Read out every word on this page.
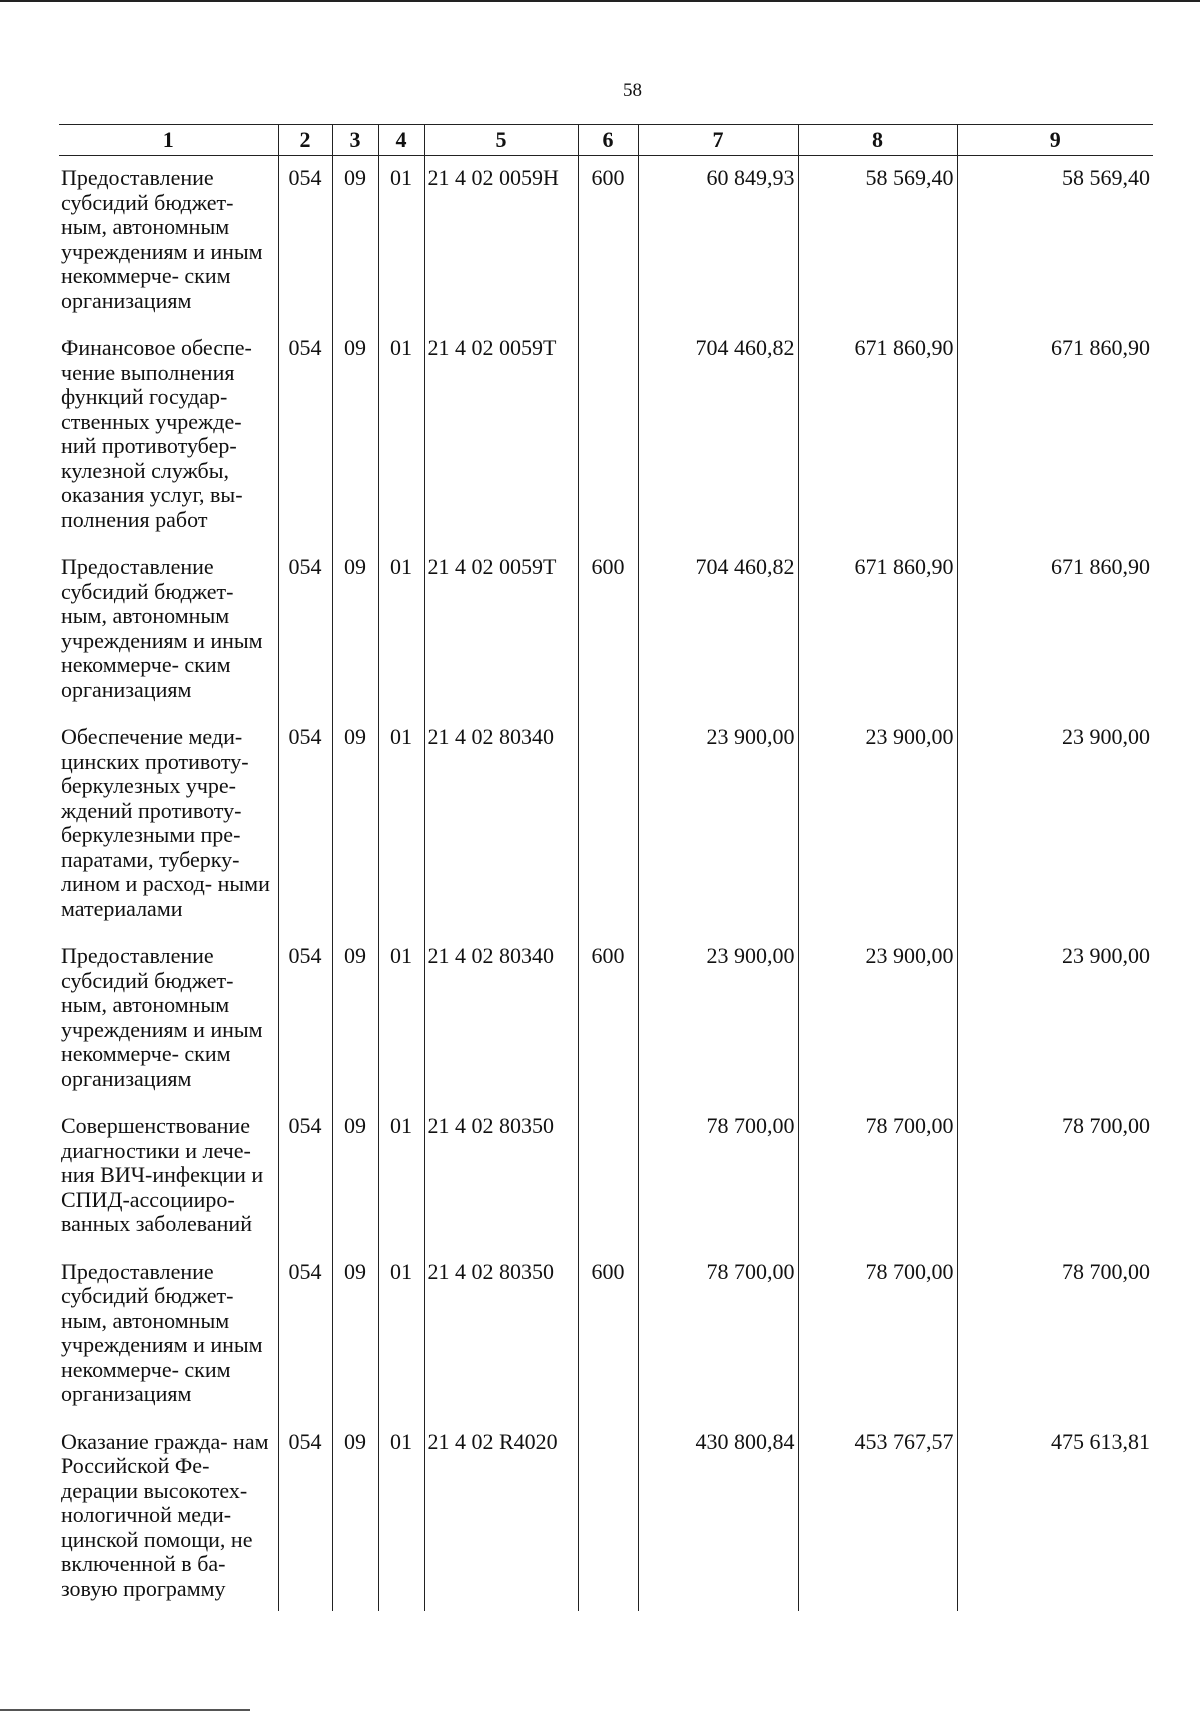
58
1	2	3	4	5	6	7	8	9
Предоставление субсидий бюджет- ным, автономным учреждениям и иным некоммерче- ским организациям	054	09	01	21 4 02 0059Н	600	60 849,93	58 569,40	58 569,40
Финансовое обеспе- чение выполнения функций государ- ственных учрежде- ний противотубер- кулезной службы, оказания услуг, вы- полнения работ	054	09	01	21 4 02 0059Т		704 460,82	671 860,90	671 860,90
Предоставление субсидий бюджет- ным, автономным учреждениям и иным некоммерче- ским организациям	054	09	01	21 4 02 0059Т	600	704 460,82	671 860,90	671 860,90
Обеспечение меди- цинских противоту- беркулезных учре- ждений противоту- беркулезными пре- паратами, туберку- лином и расход- ными материалами	054	09	01	21 4 02 80340		23 900,00	23 900,00	23 900,00
Предоставление субсидий бюджет- ным, автономным учреждениям и иным некоммерче- ским организациям	054	09	01	21 4 02 80340	600	23 900,00	23 900,00	23 900,00
Совершенствование диагностики и лече- ния ВИЧ-инфекции и СПИД-ассоцииро- ванных заболеваний	054	09	01	21 4 02 80350		78 700,00	78 700,00	78 700,00
Предоставление субсидий бюджет- ным, автономным учреждениям и иным некоммерче- ским организациям	054	09	01	21 4 02 80350	600	78 700,00	78 700,00	78 700,00
Оказание гражда- нам Российской Фе- дерации высокотех- нологичной меди- цинской помощи, не включенной в ба- зовую программу	054	09	01	21 4 02 R4020		430 800,84	453 767,57	475 613,81
